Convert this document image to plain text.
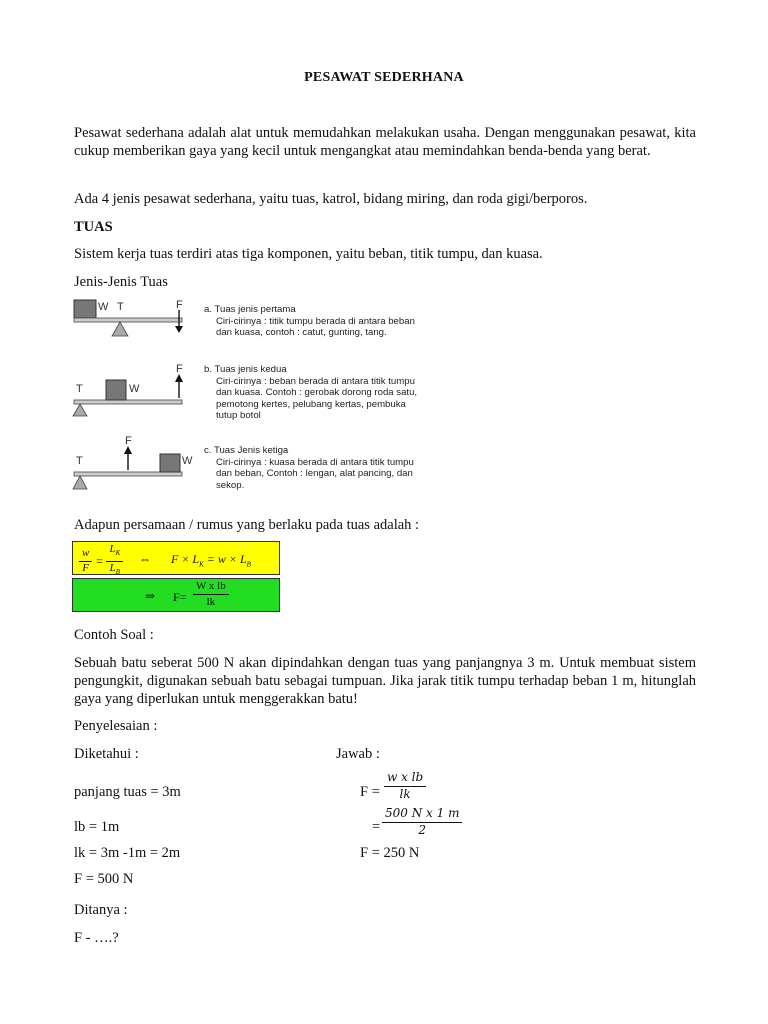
PESAWAT SEDERHANA

Pesawat sederhana adalah alat untuk memudahkan melakukan usaha. Dengan menggunakan pesawat, kita cukup memberikan gaya yang kecil untuk mengangkat atau memindahkan benda-benda yang berat.

Ada 4 jenis pesawat sederhana, yaitu tuas, katrol, bidang miring, dan roda gigi/berporos.

TUAS

Sistem kerja tuas terdiri atas tiga komponen, yaitu beban, titik tumpu, dan kuasa.

Jenis-Jenis Tuas
W T	F
T	W
F
T
F
W
a. Tuas jenis pertama
Ciri-cirinya : titik tumpu berada di antara beban
dan kuasa, contoh : catut, gunting, tang.
b. Tuas jenis kedua
Ciri-cirinya : beban berada di antara titik tumpu
dan kuasa. Contoh : gerobak dorong roda satu,
pemotong kertes, pelubang kertas, pembuka
tutup botol
c. Tuas Jenis ketiga
Ciri-cirinya : kuasa berada di antara titik tumpu
dan beban, Contoh : lengan, alat pancing, dan
sekop.
Adapun persamaan / rumus yang berlaku pada tuas adalah :
$\frac{w}{F} = \frac{L_K}{L_B}$ ⇔ $F \times L_K = w \times L_B$
⇒ $F= \frac{\text{W x lb}}{lk}$
Contoh Soal :

Sebuah batu seberat 500 N akan dipindahkan dengan tuas yang panjangnya 3 m. Untuk membuat sistem pengungkit, digunakan sebuah batu sebagai tumpuan. Jika jarak titik tumpu terhadap beban 1 m, hitunglah gaya yang diperlukan untuk menggerakkan batu!

Penyelesaian :
Diketahui :	Jawab :
panjang tuas = 3m
lb = 1m
lk = 3m -1m = 2m
F = 500 N
$F = \frac{\text{w x lb}}{lk}$
= $\frac{\text{500 N x 1 m}}{2}$
F = 250 N
Ditanya :
F - ….?
